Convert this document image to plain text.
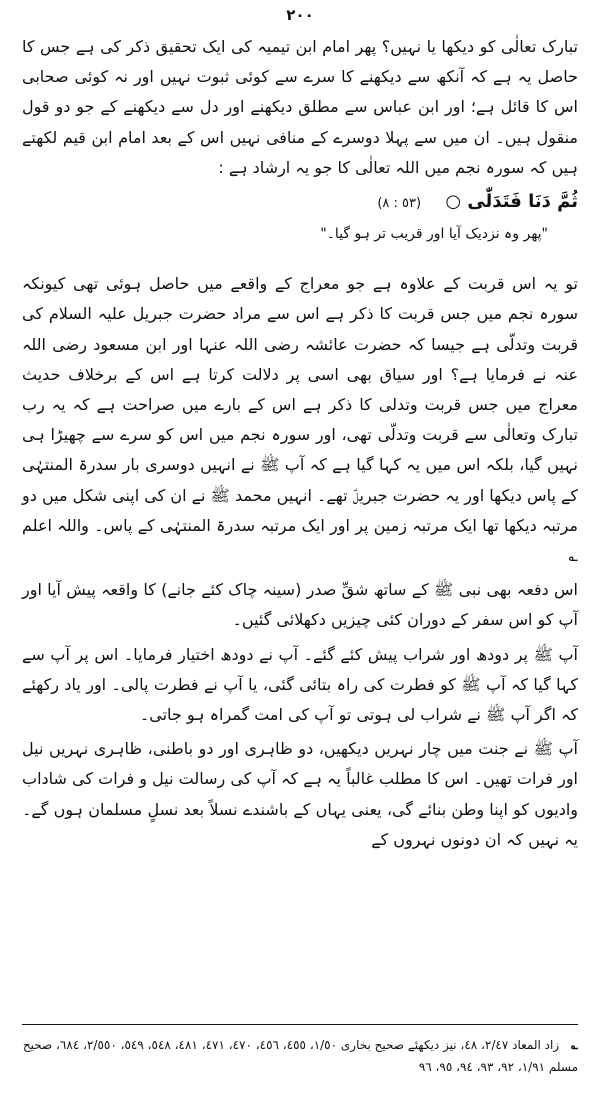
٢٠٠

تبارک تعالٰی کو دیکھا یا نہیں؟ پھر امام ابن تیمیہ کی ایک تحقیق ذکر کی ہے جس کا حاصل یہ ہے کہ آنکھ سے دیکھنے کا سرے سے کوئی ثبوت نہیں اور نہ کوئی صحابی اس کا قائل ہے؛ اور ابن عباس سے مطلق دیکھنے اور دل سے دیکھنے کے جو دو قول منقول ہیں۔ ان میں سے پہلا دوسرے کے منافی نہیں اس کے بعد امام ابن قیم لکھتے ہیں کہ سورہ نجم میں اللہ تعالٰی کا جو یہ ارشاد ہے :

ثُمَّ دَنَا فَتَدَلّٰی ○ (٥٣ : ٨)
"پھر وہ نزدیک آیا اور قریب تر ہو گیا۔"

تو یہ اس قربت کے علاوہ ہے جو معراج کے واقعے میں حاصل ہوئی تھی کیونکہ سورہ نجم میں جس قربت کا ذکر ہے اس سے مراد حضرت جبریل علیہ السلام کی قربت وتدلّی ہے جیسا کہ حضرت عائشہ رضی اللہ عنہا اور ابن مسعود رضی اللہ عنہ نے فرمایا ہے؟ اور سیاق بھی اسی پر دلالت کرتا ہے اس کے برخلاف حدیث معراج میں جس قربت وتدلی کا ذکر ہے اس کے بارے میں صراحت ہے کہ یہ رب تبارک وتعالٰی سے قربت وتدلّی تھی، اور سورہ نجم میں اس کو سرے سے چھیڑا ہی نہیں گیا، بلکہ اس میں یہ کہا گیا ہے کہ آپ ﷺ نے انہیں دوسری بار سدرۃ المنتہٰی کے پاس دیکھا اور یہ حضرت جبریلؑ تھے۔ انہیں محمد ﷺ نے ان کی اپنی شکل میں دو مرتبہ دیکھا تھا ایک مرتبہ زمین پر اور ایک مرتبہ سدرۃ المنتہٰی کے پاس۔ واللہ اعلم ؎

اس دفعہ بھی نبی ﷺ کے ساتھ شقِّ صدر (سینہ چاک کئے جانے) کا واقعہ پیش آیا اور آپ کو اس سفر کے دوران کئی چیزیں دکھلائی گئیں۔

آپ ﷺ پر دودھ اور شراب پیش کئے گئے۔ آپ نے دودھ اختیار فرمایا۔ اس پر آپ سے کہا گیا کہ آپ ﷺ کو فطرت کی راہ بتائی گئی، یا آپ نے فطرت پالی۔ اور یاد رکھئے کہ اگر آپ ﷺ نے شراب لی ہوتی تو آپ کی امت گمراہ ہو جاتی۔

آپ ﷺ نے جنت میں چار نہریں دیکھیں، دو ظاہری اور دو باطنی، ظاہری نہریں نیل اور فرات تھیں۔ اس کا مطلب غالباً یہ ہے کہ آپ کی رسالت نیل و فرات کی شاداب وادیوں کو اپنا وطن بنائے گی، یعنی یہاں کے باشندے نسلاً بعد نسلٍ مسلمان ہوں گے۔ یہ نہیں کہ ان دونوں نہروں کے

؎ زاد المعاد ٢/٤٧، ٤٨، نیز دیکھئے صحیح بخاری ١/٥٠، ٤٥٥، ٤٥٦، ٤٧٠، ٤٧١، ٤٨١، ٥٤٨، ٥٤٩، ٢/٥٥٠، ٦٨٤، صحیح مسلم ١/٩١، ٩٢، ٩٣، ٩٤، ٩٥، ٩٦
